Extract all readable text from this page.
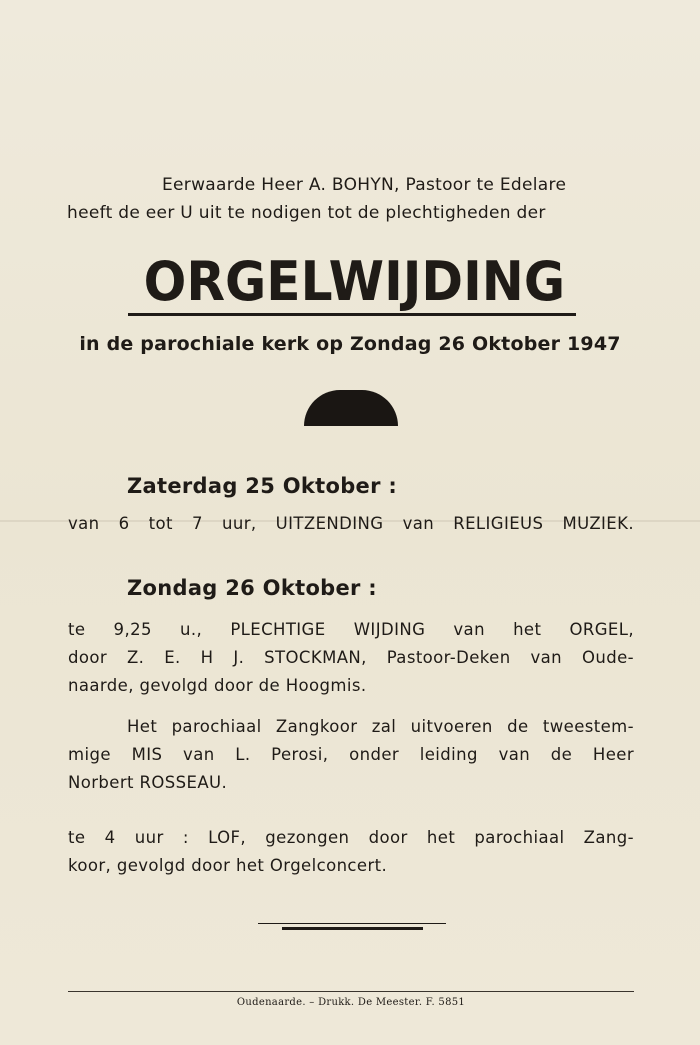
Eerwaarde Heer A. BOHYN, Pastoor te Edelare
heeft de eer U uit te nodigen tot de plechtigheden der
ORGELWIJDING
in de parochiale kerk op Zondag 26 Oktober 1947
Zaterdag 25 Oktober :
van 6 tot 7 uur, UITZENDING van RELIGIEUS MUZIEK.
Zondag 26 Oktober :
te 9,25 u., PLECHTIGE WIJDING van het ORGEL,
door Z. E. H J. STOCKMAN, Pastoor-Deken van Oude-
naarde, gevolgd door de Hoogmis.
Het parochiaal Zangkoor zal uitvoeren de tweestem-
mige MIS van L. Perosi, onder leiding van de Heer
Norbert ROSSEAU.
te 4 uur : LOF, gezongen door het parochiaal Zang-
koor, gevolgd door het Orgelconcert.
Oudenaarde. – Drukk. De Meester. F. 5851
